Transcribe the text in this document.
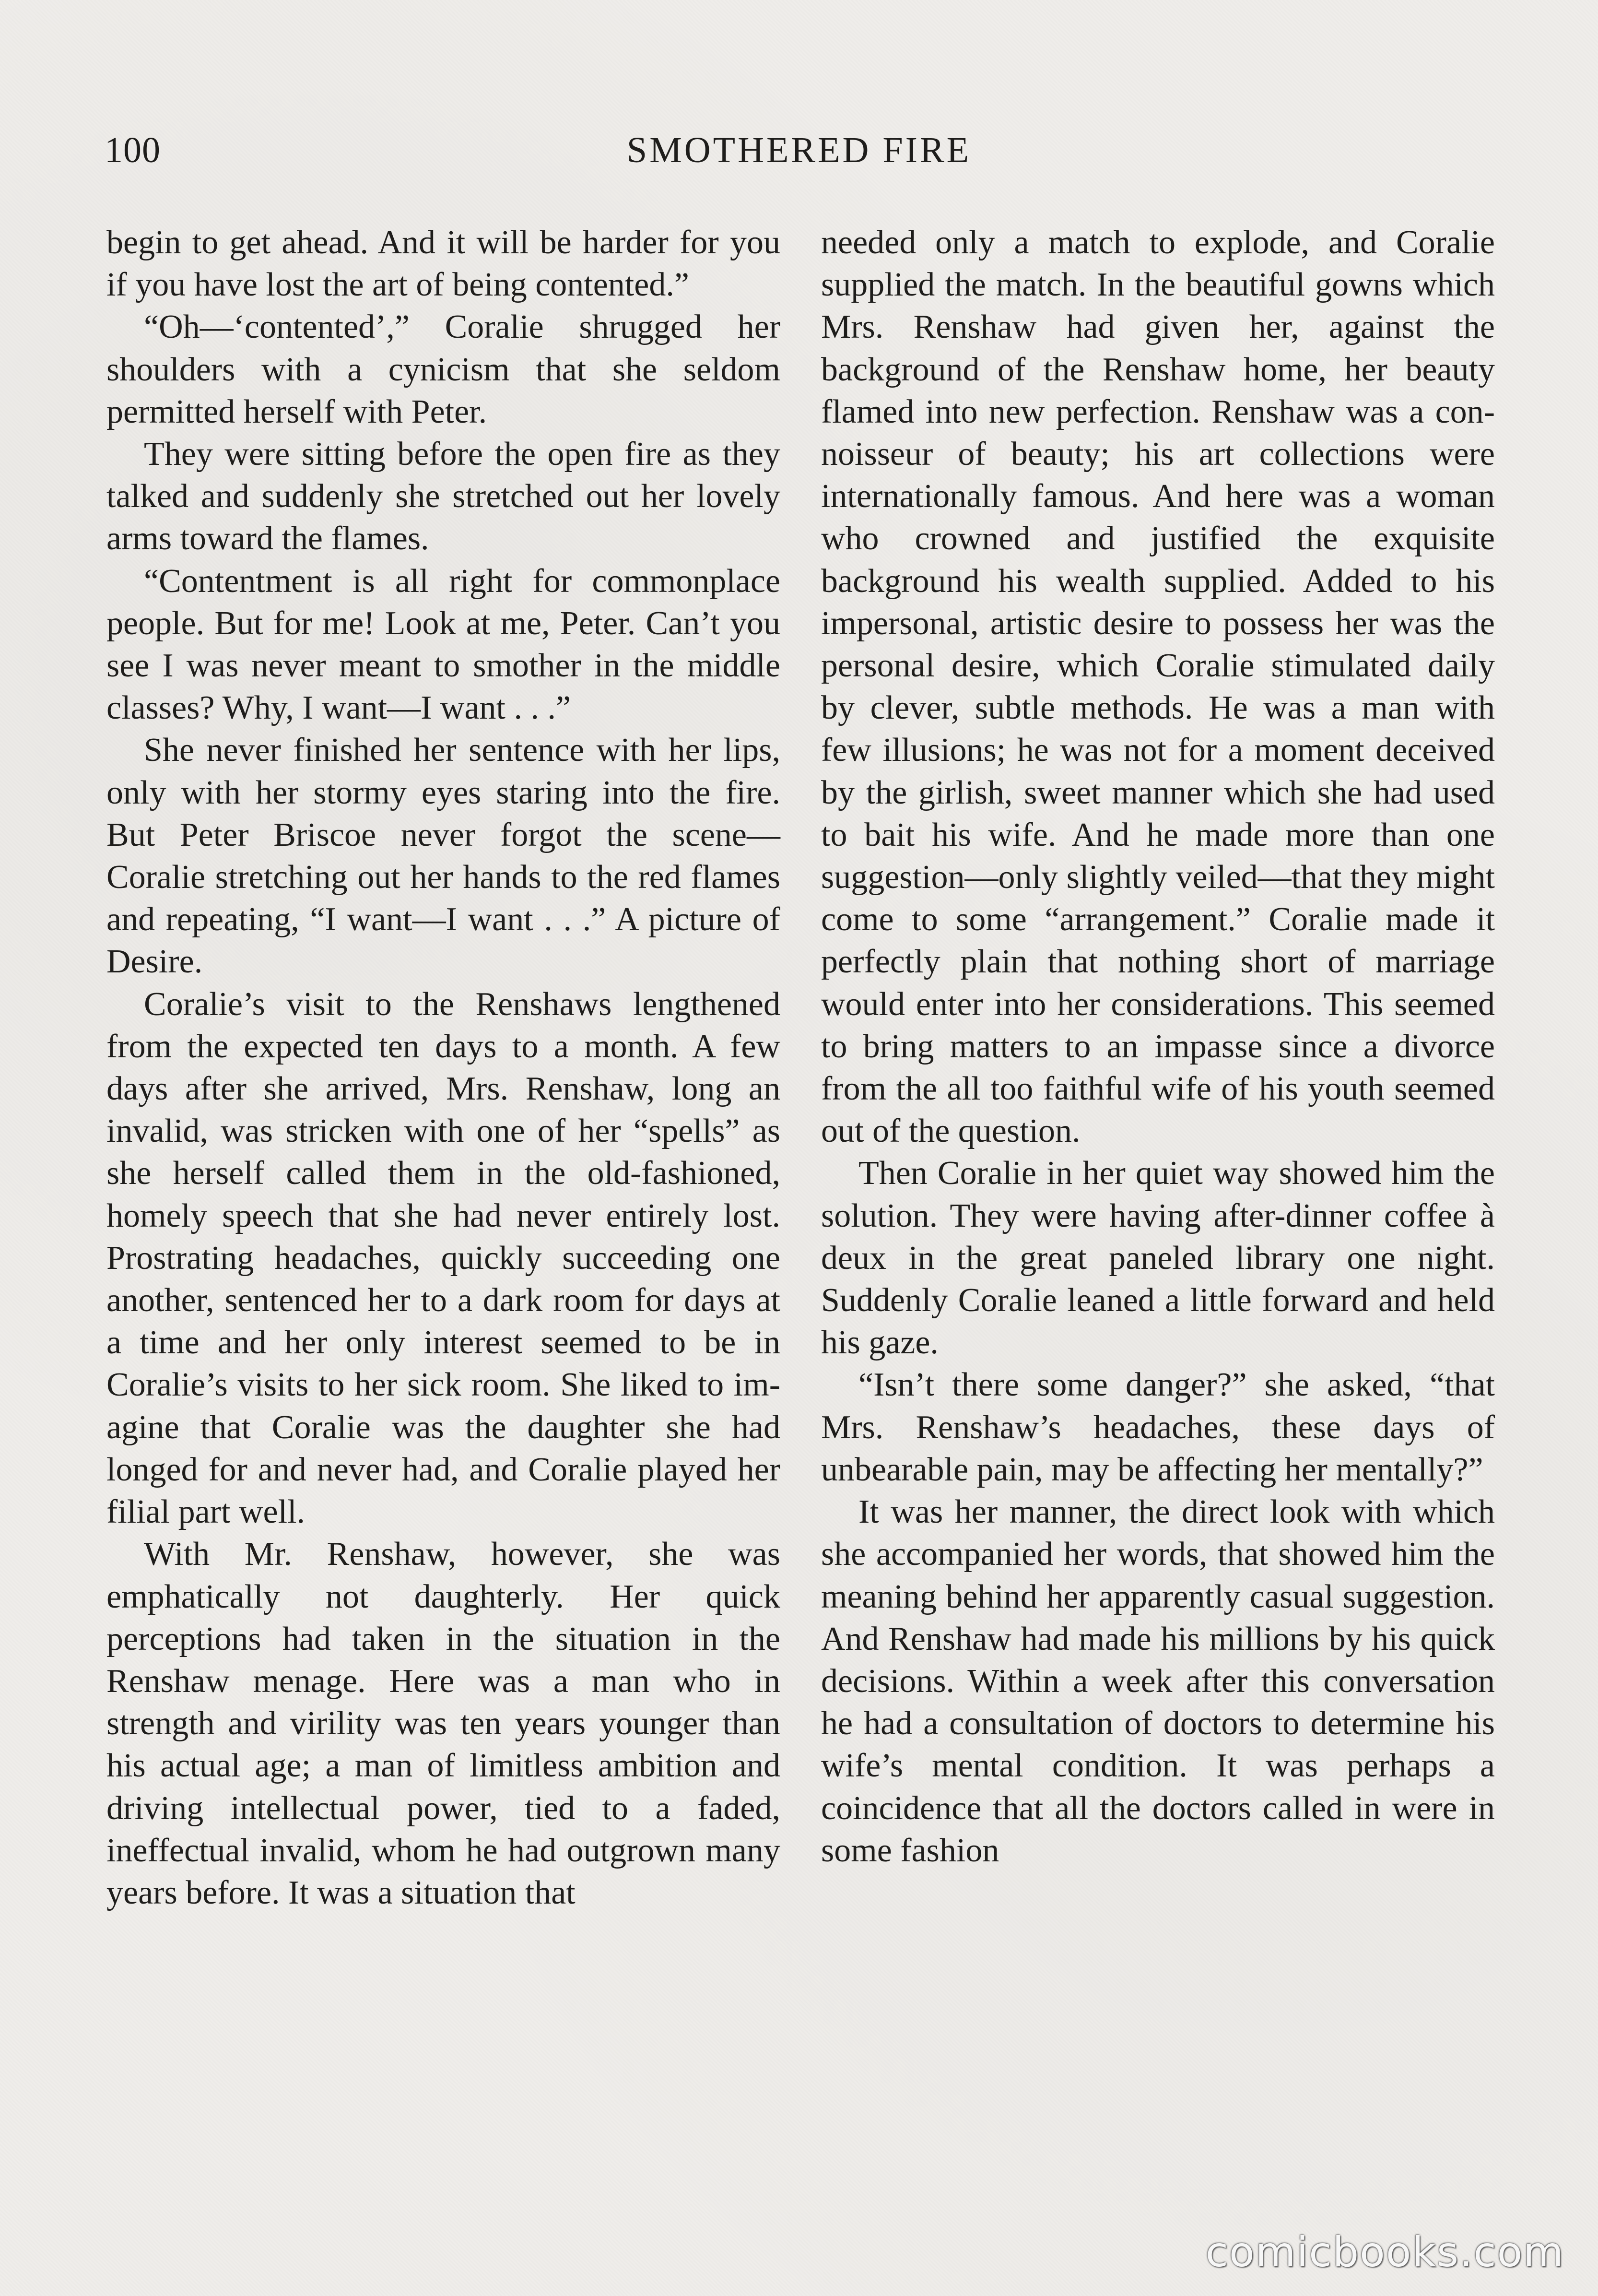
100	SMOTHERED FIRE

begin to get ahead. And it will be harder for you if you have lost the art of being contented.”

“Oh—‘contented’,” Coralie shrugged her shoulders with a cynicism that she seldom permitted herself with Peter.

They were sitting before the open fire as they talked and suddenly she stretched out her lovely arms toward the flames.

“Contentment is all right for commonplace people. But for me! Look at me, Peter. Can’t you see I was never meant to smother in the middle classes? Why, I want—I want . . .”

She never finished her sentence with her lips, only with her stormy eyes staring into the fire. But Peter Briscoe never forgot the scene—Coralie stretching out her hands to the red flames and repeating, “I want—I want . . .” A picture of Desire.

Coralie’s visit to the Renshaws lengthened from the expected ten days to a month. A few days after she arrived, Mrs. Renshaw, long an invalid, was stricken with one of her “spells” as she herself called them in the old-fashioned, homely speech that she had never entirely lost. Prostrating headaches, quickly succeeding one another, sentenced her to a dark room for days at a time and her only interest seemed to be in Coralie’s visits to her sick room. She liked to imagine that Coralie was the daughter she had longed for and never had, and Coralie played her filial part well.

With Mr. Renshaw, however, she was emphatically not daughterly. Her quick perceptions had taken in the situation in the Renshaw menage. Here was a man who in strength and virility was ten years younger than his actual age; a man of limitless ambition and driving intellectual power, tied to a faded, ineffectual invalid, whom he had outgrown many years before. It was a situation that

needed only a match to explode, and Coralie supplied the match. In the beautiful gowns which Mrs. Renshaw had given her, against the background of the Renshaw home, her beauty flamed into new perfection. Renshaw was a connoisseur of beauty; his art collections were internationally famous. And here was a woman who crowned and justified the exquisite background his wealth supplied. Added to his impersonal, artistic desire to possess her was the personal desire, which Coralie stimulated daily by clever, subtle methods. He was a man with few illusions; he was not for a moment deceived by the girlish, sweet manner which she had used to bait his wife. And he made more than one suggestion—only slightly veiled—that they might come to some “arrangement.” Coralie made it perfectly plain that nothing short of marriage would enter into her considerations. This seemed to bring matters to an impasse since a divorce from the all too faithful wife of his youth seemed out of the question.

Then Coralie in her quiet way showed him the solution. They were having after-dinner coffee à deux in the great paneled library one night. Suddenly Coralie leaned a little forward and held his gaze.

“Isn’t there some danger?” she asked, “that Mrs. Renshaw’s headaches, these days of unbearable pain, may be affecting her mentally?”

It was her manner, the direct look with which she accompanied her words, that showed him the meaning behind her apparently casual suggestion. And Renshaw had made his millions by his quick decisions. Within a week after this conversation he had a consultation of doctors to determine his wife’s mental condition. It was perhaps a coincidence that all the doctors called in were in some fashion

comicbooks.com
